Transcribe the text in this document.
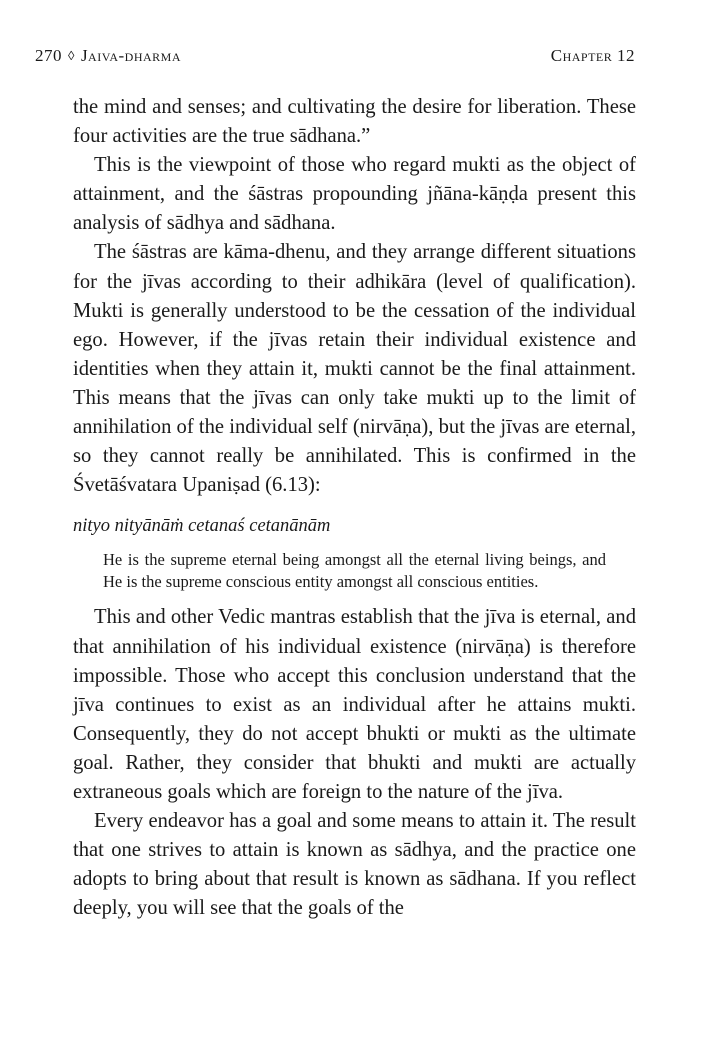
270 ◊ Jaiva-dharma	Chapter 12

the mind and senses; and cultivating the desire for liberation. These four activities are the true sādhana.”

This is the viewpoint of those who regard mukti as the object of attainment, and the śāstras propounding jñāna-kāṇḍa present this analysis of sādhya and sādhana.

The śāstras are kāma-dhenu, and they arrange different situations for the jīvas according to their adhikāra (level of qualification). Mukti is generally understood to be the cessation of the individual ego. However, if the jīvas retain their individual existence and identities when they attain it, mukti cannot be the final attainment. This means that the jīvas can only take mukti up to the limit of annihilation of the individual self (nirvāṇa), but the jīvas are eternal, so they cannot really be annihilated. This is confirmed in the Śvetāśvatara Upaniṣad (6.13):

nityo nityānāṁ cetanaś cetanānām

He is the supreme eternal being amongst all the eternal living beings, and He is the supreme conscious entity amongst all conscious entities.

This and other Vedic mantras establish that the jīva is eternal, and that annihilation of his individual existence (nirvāṇa) is therefore impossible. Those who accept this conclusion understand that the jīva continues to exist as an individual after he attains mukti. Consequently, they do not accept bhukti or mukti as the ultimate goal. Rather, they consider that bhukti and mukti are actually extraneous goals which are foreign to the nature of the jīva.

Every endeavor has a goal and some means to attain it. The result that one strives to attain is known as sādhya, and the practice one adopts to bring about that result is known as sādhana. If you reflect deeply, you will see that the goals of the
